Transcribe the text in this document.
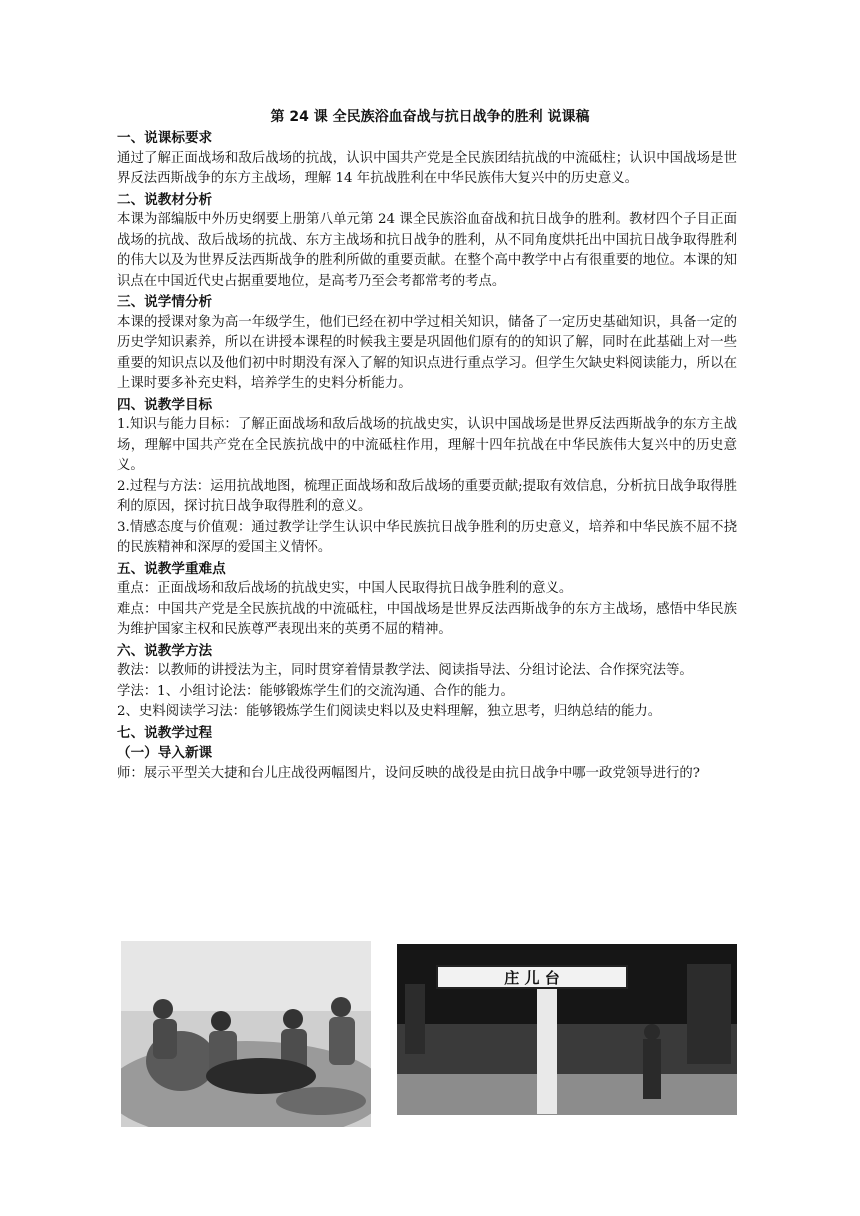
第 24 课 全民族浴血奋战与抗日战争的胜利 说课稿
一、说课标要求
通过了解正面战场和敌后战场的抗战，认识中国共产党是全民族团结抗战的中流砥柱；认识中国战场是世界反法西斯战争的东方主战场，理解 14 年抗战胜利在中华民族伟大复兴中的历史意义。
二、说教材分析
本课为部编版中外历史纲要上册第八单元第 24 课全民族浴血奋战和抗日战争的胜利。教材四个子目正面战场的抗战、敌后战场的抗战、东方主战场和抗日战争的胜利，从不同角度烘托出中国抗日战争取得胜利的伟大以及为世界反法西斯战争的胜利所做的重要贡献。在整个高中教学中占有很重要的地位。本课的知识点在中国近代史占据重要地位，是高考乃至会考都常考的考点。
三、说学情分析
本课的授课对象为高一年级学生，他们已经在初中学过相关知识，储备了一定历史基础知识，具备一定的历史学知识素养，所以在讲授本课程的时候我主要是巩固他们原有的的知识了解，同时在此基础上对一些重要的知识点以及他们初中时期没有深入了解的知识点进行重点学习。但学生欠缺史料阅读能力，所以在上课时要多补充史料，培养学生的史料分析能力。
四、说教学目标
1.知识与能力目标：了解正面战场和敌后战场的抗战史实，认识中国战场是世界反法西斯战争的东方主战场，理解中国共产党在全民族抗战中的中流砥柱作用，理解十四年抗战在中华民族伟大复兴中的历史意义。
2.过程与方法：运用抗战地图，梳理正面战场和敌后战场的重要贡献;提取有效信息，分析抗日战争取得胜利的原因，探讨抗日战争取得胜利的意义。
3.情感态度与价值观：通过教学让学生认识中华民族抗日战争胜利的历史意义，培养和中华民族不屈不挠的民族精神和深厚的爱国主义情怀。
五、说教学重难点
重点：正面战场和敌后战场的抗战史实，中国人民取得抗日战争胜利的意义。
难点：中国共产党是全民族抗战的中流砥柱，中国战场是世界反法西斯战争的东方主战场，感悟中华民族为维护国家主权和民族尊严表现出来的英勇不屈的精神。
六、说教学方法
教法：以教师的讲授法为主，同时贯穿着情景教学法、阅读指导法、分组讨论法、合作探究法等。
学法：1、小组讨论法：能够锻炼学生们的交流沟通、合作的能力。
2、史料阅读学习法：能够锻炼学生们阅读史料以及史料理解，独立思考，归纳总结的能力。
七、说教学过程
（一）导入新课
师：展示平型关大捷和台儿庄战役两幅图片，设问反映的战役是由抗日战争中哪一政党领导进行的?
庄 儿 台
